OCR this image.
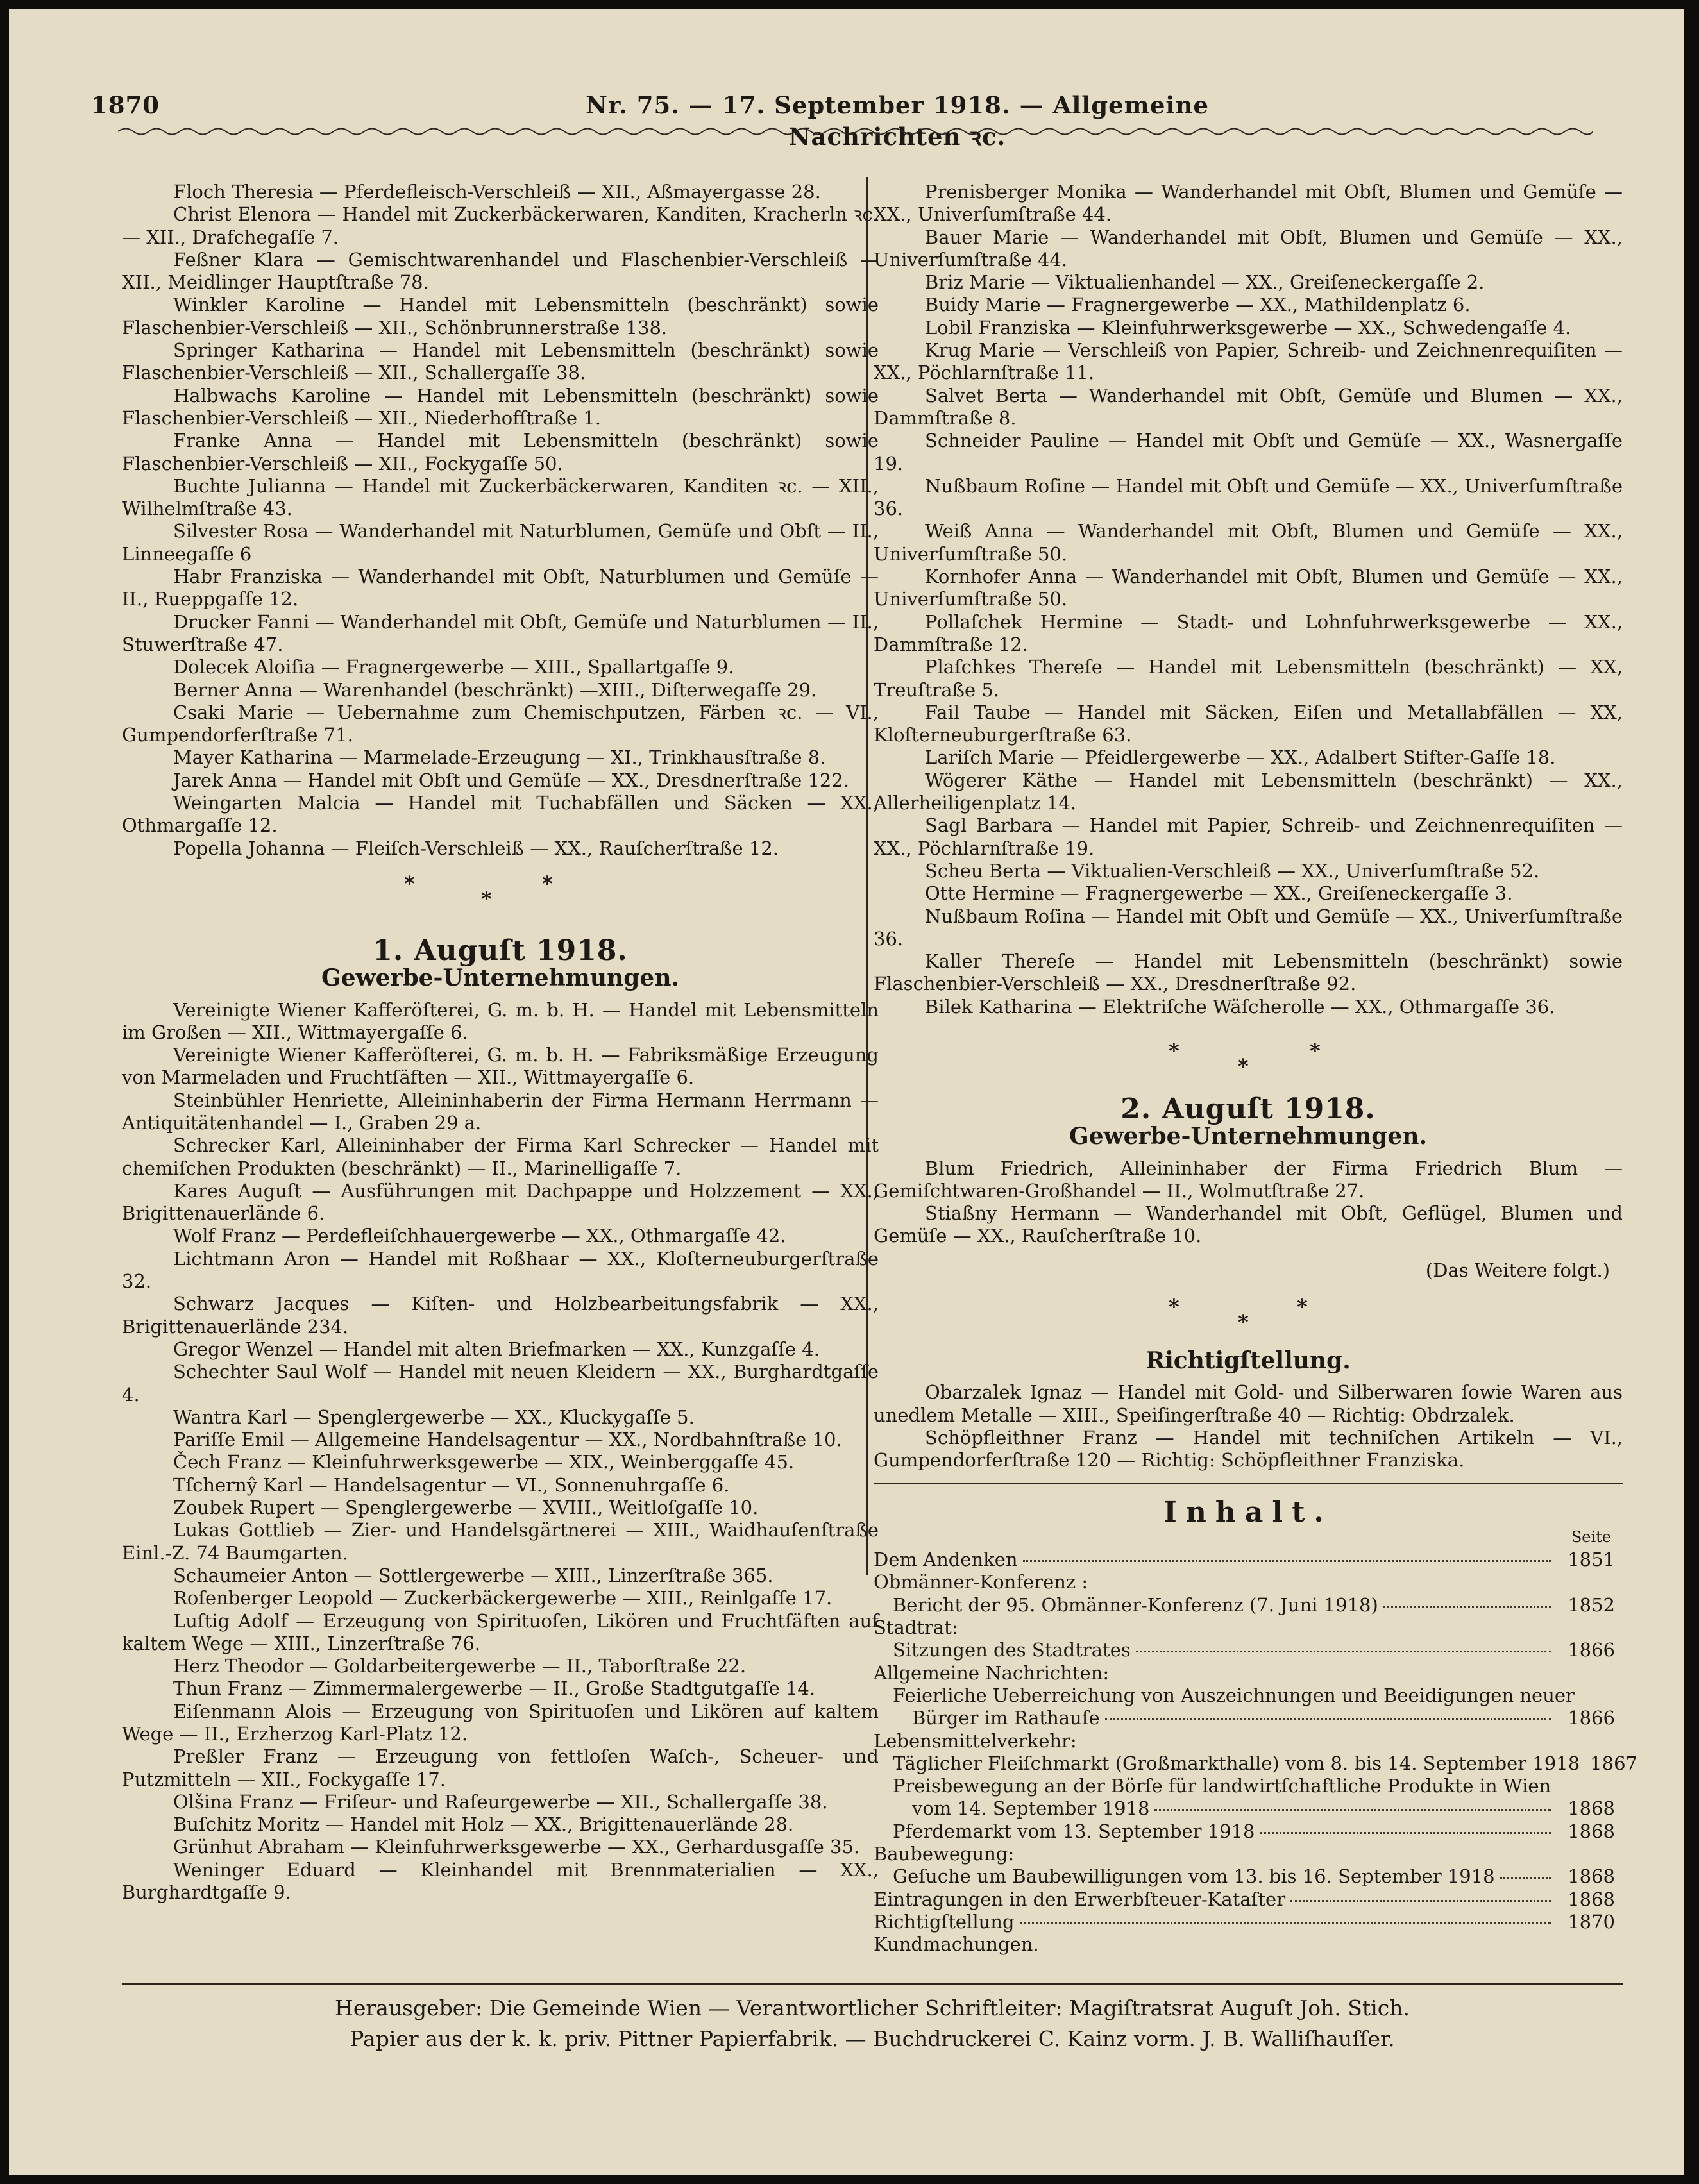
1870	Nr. 75. — 17. September 1918. — Allgemeine Nachrichten ꝛc.

Floch Theresia — Pferdefleisch-Verschleiß — XII., Aßmayergasse 28.

Christ Elenora — Handel mit Zuckerbäckerwaren, Kanditen, Kracherln ꝛc. — XII., Drafchegaſſe 7.

Feßner Klara — Gemischtwarenhandel und Flaschenbier-Verschleiß — XII., Meidlinger Hauptſtraße 78.

Winkler Karoline — Handel mit Lebensmitteln (beschränkt) sowie Flaschenbier-Verschleiß — XII., Schönbrunnerstraße 138.

Springer Katharina — Handel mit Lebensmitteln (beschränkt) sowie Flaschenbier-Verschleiß — XII., Schallergaſſe 38.

Halbwachs Karoline — Handel mit Lebensmitteln (beschränkt) sowie Flaschenbier-Verschleiß — XII., Niederhofſtraße 1.

Franke Anna — Handel mit Lebensmitteln (beschränkt) sowie Flaschenbier-Verschleiß — XII., Fockygaſſe 50.

Buchte Julianna — Handel mit Zuckerbäckerwaren, Kanditen ꝛc. — XII., Wilhelmſtraße 43.

Silvester Rosa — Wanderhandel mit Naturblumen, Gemüſe und Obſt — II., Linneegaſſe 6

Habr Franziska — Wanderhandel mit Obſt, Naturblumen und Gemüſe — II., Rueppgaſſe 12.

Drucker Fanni — Wanderhandel mit Obſt, Gemüſe und Naturblumen — II., Stuwerſtraße 47.

Dolecek Aloiſia — Fragnergewerbe — XIII., Spallartgaſſe 9.

Berner Anna — Warenhandel (beschränkt) —XIII., Diſterwegaſſe 29.

Csaki Marie — Uebernahme zum Chemischputzen, Färben ꝛc. — VI., Gumpendorferſtraße 71.

Mayer Katharina — Marmelade-Erzeugung — XI., Trinkhausſtraße 8.

Jarek Anna — Handel mit Obſt und Gemüſe — XX., Dresdnerſtraße 122.

Weingarten Malcia — Handel mit Tuchabfällen und Säcken — XX., Othmargaſſe 12.

Popella Johanna — Fleiſch-Verschleiß — XX., Rauſcherſtraße 12.

*
*
*
1. Auguſt 1918.
Gewerbe-Unternehmungen.

Vereinigte Wiener Kafferöſterei, G. m. b. H. — Handel mit Lebensmitteln im Großen — XII., Wittmayergaſſe 6.

Vereinigte Wiener Kafferöſterei, G. m. b. H. — Fabriksmäßige Erzeugung von Marmeladen und Fruchtſäften — XII., Wittmayergaſſe 6.

Steinbühler Henriette, Alleininhaberin der Firma Hermann Herrmann — Antiquitätenhandel — I., Graben 29 a.

Schrecker Karl, Alleininhaber der Firma Karl Schrecker — Handel mit chemiſchen Produkten (beschränkt) — II., Marinelligaſſe 7.

Kares Auguſt — Ausführungen mit Dachpappe und Holzzement — XX., Brigittenauerlände 6.

Wolf Franz — Perdefleiſchhauergewerbe — XX., Othmargaſſe 42.

Lichtmann Aron — Handel mit Roßhaar — XX., Kloſterneuburgerſtraße 32.

Schwarz Jacques — Kiſten- und Holzbearbeitungsfabrik — XX., Brigittenauerlände 234.

Gregor Wenzel — Handel mit alten Briefmarken — XX., Kunzgaſſe 4.

Schechter Saul Wolf — Handel mit neuen Kleidern — XX., Burghardtgaſſe 4.

Wantra Karl — Spenglergewerbe — XX., Kluckygaſſe 5.

Pariſſe Emil — Allgemeine Handelsagentur — XX., Nordbahnſtraße 10.

Čech Franz — Kleinfuhrwerksgewerbe — XIX., Weinberggaſſe 45.

Tſchernŷ Karl — Handelsagentur — VI., Sonnenuhrgaſſe 6.

Zoubek Rupert — Spenglergewerbe — XVIII., Weitloſgaſſe 10.

Lukas Gottlieb — Zier- und Handelsgärtnerei — XIII., Waidhauſenſtraße Einl.-Z. 74 Baumgarten.

Schaumeier Anton — Sottlergewerbe — XIII., Linzerſtraße 365.

Roſenberger Leopold — Zuckerbäckergewerbe — XIII., Reinlgaſſe 17.

Luſtig Adolf — Erzeugung von Spirituoſen, Likören und Fruchtſäften auf kaltem Wege — XIII., Linzerſtraße 76.

Herz Theodor — Goldarbeitergewerbe — II., Taborſtraße 22.

Thun Franz — Zimmermalergewerbe — II., Große Stadtgutgaſſe 14.

Eiſenmann Alois — Erzeugung von Spirituoſen und Likören auf kaltem Wege — II., Erzherzog Karl-Platz 12.

Preßler Franz — Erzeugung von fettloſen Waſch-, Scheuer- und Putzmitteln — XII., Fockygaſſe 17.

Olšina Franz — Friſeur- und Raſeurgewerbe — XII., Schallergaſſe 38.

Buſchitz Moritz — Handel mit Holz — XX., Brigittenauerlände 28.

Grünhut Abraham — Kleinfuhrwerksgewerbe — XX., Gerhardusgaſſe 35.

Weninger Eduard — Kleinhandel mit Brennmaterialien — XX., Burghardtgaſſe 9.

Prenisberger Monika — Wanderhandel mit Obſt, Blumen und Gemüſe — XX., Univerſumſtraße 44.

Bauer Marie — Wanderhandel mit Obſt, Blumen und Gemüſe — XX., Univerſumſtraße 44.

Briz Marie — Viktualienhandel — XX., Greiſeneckergaſſe 2.

Buidy Marie — Fragnergewerbe — XX., Mathildenplatz 6.

Lobil Franziska — Kleinfuhrwerksgewerbe — XX., Schwedengaſſe 4.

Krug Marie — Verschleiß von Papier, Schreib- und Zeichnenrequiſiten — XX., Pöchlarnſtraße 11.

Salvet Berta — Wanderhandel mit Obſt, Gemüſe und Blumen — XX., Dammſtraße 8.

Schneider Pauline — Handel mit Obſt und Gemüſe — XX., Wasnergaſſe 19.

Nußbaum Roſine — Handel mit Obſt und Gemüſe — XX., Univerſumſtraße 36.

Weiß Anna — Wanderhandel mit Obſt, Blumen und Gemüſe — XX., Univerſumſtraße 50.

Kornhofer Anna — Wanderhandel mit Obſt, Blumen und Gemüſe — XX., Univerſumſtraße 50.

Pollaſchek Hermine — Stadt- und Lohnfuhrwerksgewerbe — XX., Dammſtraße 12.

Plaſchkes Thereſe — Handel mit Lebensmitteln (beschränkt) — XX, Treuſtraße 5.

Fail Taube — Handel mit Säcken, Eiſen und Metallabfällen — XX, Kloſterneuburgerſtraße 63.

Lariſch Marie — Pfeidlergewerbe — XX., Adalbert Stifter-Gaſſe 18.

Wögerer Käthe — Handel mit Lebensmitteln (beschränkt) — XX., Allerheiligenplatz 14.

Sagl Barbara — Handel mit Papier, Schreib- und Zeichnenrequiſiten — XX., Pöchlarnſtraße 19.

Scheu Berta — Viktualien-Verschleiß — XX., Univerſumſtraße 52.

Otte Hermine — Fragnergewerbe — XX., Greiſeneckergaſſe 3.

Nußbaum Roſina — Handel mit Obſt und Gemüſe — XX., Univerſumſtraße 36.

Kaller Thereſe — Handel mit Lebensmitteln (beschränkt) sowie Flaschenbier-Verschleiß — XX., Dresdnerſtraße 92.

Bilek Katharina — Elektriſche Wäſcherolle — XX., Othmargaſſe 36.

*
*
*
2. Auguſt 1918.
Gewerbe-Unternehmungen.

Blum Friedrich, Alleininhaber der Firma Friedrich Blum — Gemiſchtwaren-Großhandel — II., Wolmutſtraße 27.

Stiaßny Hermann — Wanderhandel mit Obſt, Geflügel, Blumen und Gemüſe — XX., Rauſcherſtraße 10.

(Das Weitere folgt.)
*
*
*
Richtigſtellung.

Obarzalek Ignaz — Handel mit Gold- und Silberwaren ſowie Waren aus unedlem Metalle — XIII., Speiſingerſtraße 40 — Richtig: Obdrzalek.

Schöpfleithner Franz — Handel mit techniſchen Artikeln — VI., Gumpendorferſtraße 120 — Richtig: Schöpfleithner Franziska.

Inhalt.
Seite
Dem Andenken	1851
Obmänner-Konferenz :
Bericht der 95. Obmänner-Konferenz (7. Juni 1918)	1852
Stadtrat:
Sitzungen des Stadtrates	1866
Allgemeine Nachrichten:
Feierliche Ueberreichung von Auszeichnungen und Beeidigungen neuer
Bürger im Rathauſe	1866
Lebensmittelverkehr:
Täglicher Fleiſchmarkt (Großmarkthalle) vom 8. bis 14. September 1918 1867
Preisbewegung an der Börſe für landwirtſchaftliche Produkte in Wien
vom 14. September 1918	1868
Pferdemarkt vom 13. September 1918	1868
Baubewegung:
Geſuche um Baubewilligungen vom 13. bis 16. September 1918	1868
Eintragungen in den Erwerbſteuer-Kataſter	1868
Richtigſtellung	1870
Kundmachungen.
Herausgeber: Die Gemeinde Wien — Verantwortlicher Schriftleiter: Magiſtratsrat Auguſt Joh. Stich.
Papier aus der k. k. priv. Pittner Papierfabrik. — Buchdruckerei C. Kainz vorm. J. B. Walliſhauſſer.
